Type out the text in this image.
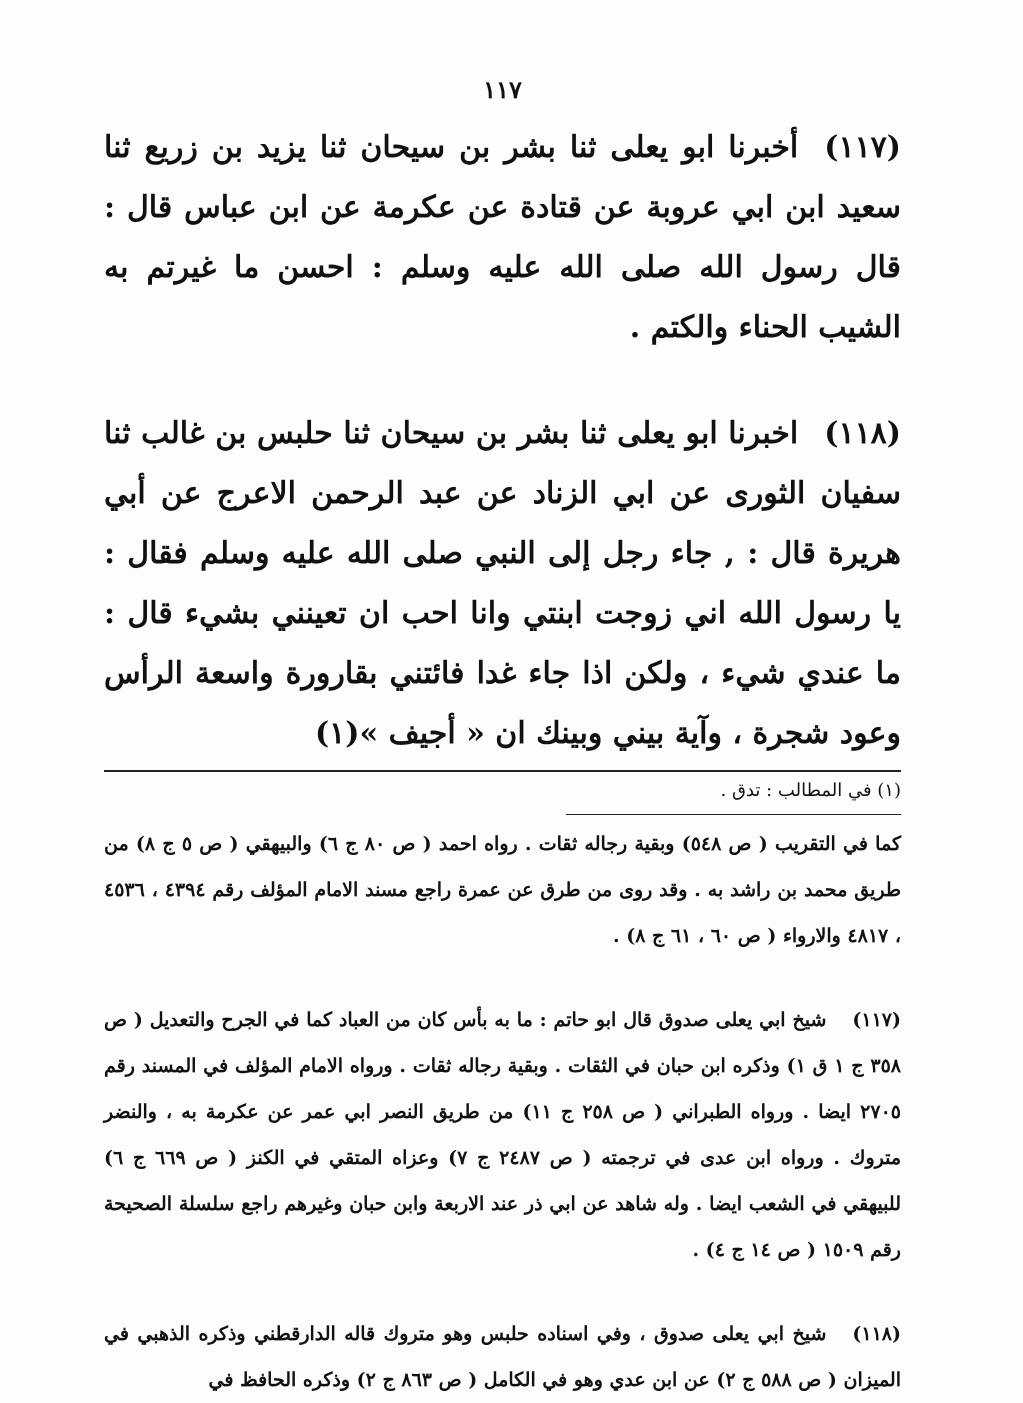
١١٧
(١١٧)أخبرنا ابو يعلى ثنا بشر بن سيحان ثنا يزيد بن زريع ثنا سعيد ابن ابي عروبة عن قتادة عن عكرمة عن ابن عباس قال : قال رسول الله صلى الله عليه وسلم : احسن ما غيرتم به الشيب الحناء والكتم .
(١١٨)اخبرنا ابو يعلى ثنا بشر بن سيحان ثنا حلبس بن غالب ثنا سفيان الثورى عن ابي الزناد عن عبد الرحمن الاعرج عن أبي هريرة قال : , جاء رجل إلى النبي صلى الله عليه وسلم فقال : يا رسول الله اني زوجت ابنتي وانا احب ان تعينني بشيء قال : ما عندي شيء ، ولكن اذا جاء غدا فائتني بقارورة واسعة الرأس وعود شجرة ، وآية بيني وبينك ان « أجيف »(١)
(١) في المطالب : تدق .
كما في التقريب ( ص ٥٤٨) وبقية رجاله ثقات . رواه احمد ( ص ٨٠ ج ٦) والبيهقي ( ص ٥ ج ٨) من طريق محمد بن راشد به . وقد روى من طرق عن عمرة راجع مسند الامام المؤلف رقم ٤٣٩٤ ، ٤٥٣٦ ، ٤٨١٧ والارواء ( ص ٦٠ ، ٦١ ج ٨) .
(١١٧)شيخ ابي يعلى صدوق قال ابو حاتم : ما به بأس كان من العباد كما في الجرح والتعديل ( ص ٣٥٨ ج ١ ق ١) وذكره ابن حبان في الثقات . وبقية رجاله ثقات . ورواه الامام المؤلف في المسند رقم ٢٧٠٥ ايضا . ورواه الطبراني ( ص ٢٥٨ ج ١١) من طريق النصر ابي عمر عن عكرمة به ، والنضر متروك . ورواه ابن عدى في ترجمته ( ص ٢٤٨٧ ج ٧) وعزاه المتقي في الكنز ( ص ٦٦٩ ج ٦) للبيهقي في الشعب ايضا . وله شاهد عن ابي ذر عند الاربعة وابن حبان وغيرهم راجع سلسلة الصحيحة رقم ١٥٠٩ ( ص ١٤ ج ٤) .
(١١٨)شيخ ابي يعلى صدوق ، وفي اسناده حلبس وهو متروك قاله الدارقطني وذكره الذهبي في الميزان ( ص ٥٨٨ ج ٢) عن ابن عدي وهو في الكامل ( ص ٨٦٣ ج ٢) وذكره الحافظ في
